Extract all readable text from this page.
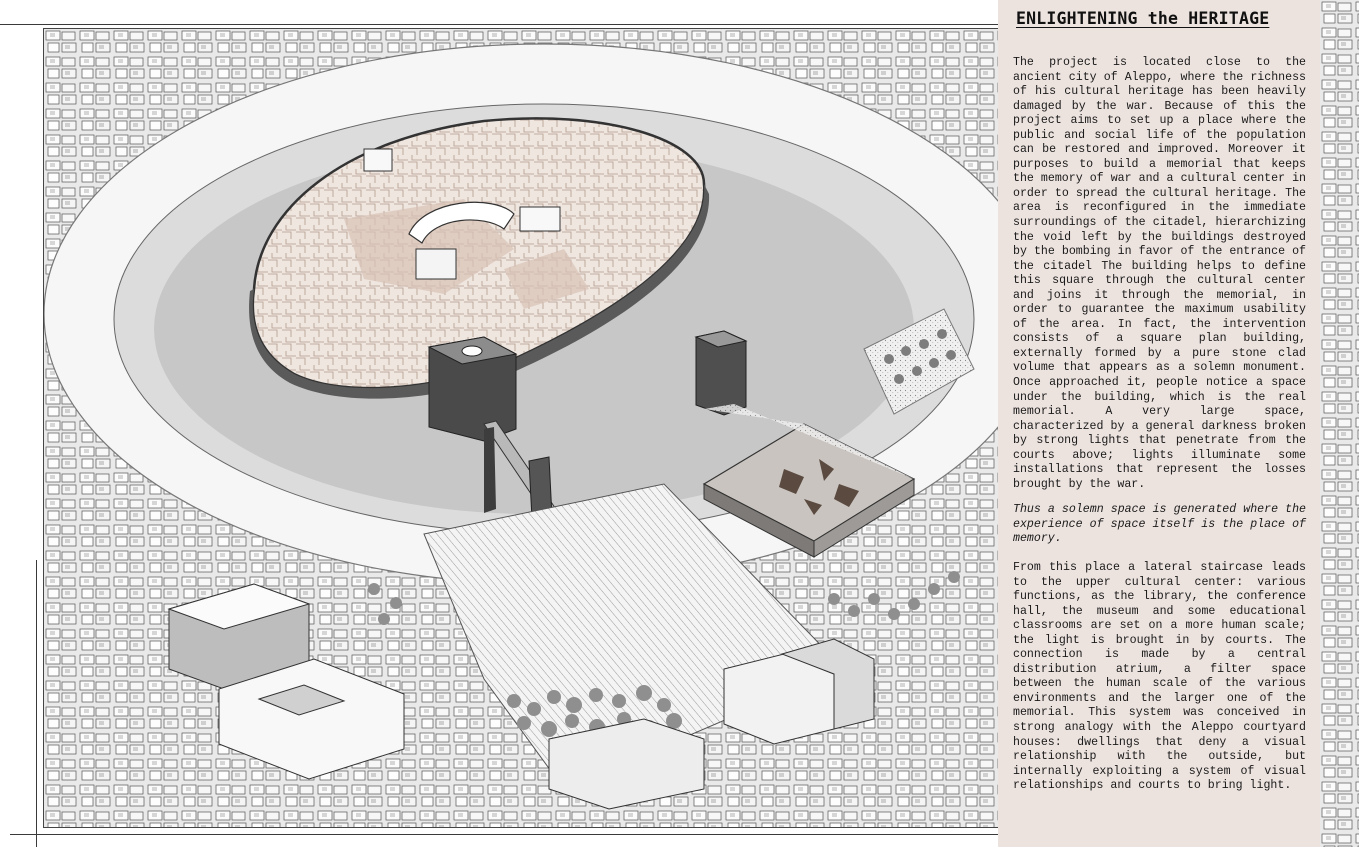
ENLIGHTENING the HERITAGE

The project is located close to the ancient city of Aleppo, where the richness of his cultural heritage has been heavily damaged by the war. Because of this the project aims to set up a place where the public and social life of the population can be restored and improved. Moreover it purposes to build a memorial that keeps the memory of war and a cultural center in order to spread the cultural heritage. The area is reconfigured in the immediate surroundings of the citadel, hierarchizing the void left by the buildings destroyed by the bombing in favor of the entrance of the citadel The building helps to define this square through the cultural center and joins it through the memorial, in order to guarantee the maximum usability of the area. In fact, the intervention consists of a square plan building, externally formed by a pure stone clad volume that appears as a solemn monument. Once approached it, people notice a space under the building, which is the real memorial. A very large space, characterized by a general darkness broken by strong lights that penetrate from the courts above; lights illuminate some installations that represent the losses brought by the war.

Thus a solemn space is generated where the experience of space itself is the place of memory.

From this place a lateral staircase leads to the upper cultural center: various functions, as the library, the conference hall, the museum and some educational classrooms are set on a more human scale; the light is brought in by courts. The connection is made by a central distribution atrium, a filter space between the human scale of the various environments and the larger one of the memorial. This system was conceived in strong analogy with the Aleppo courtyard houses: dwellings that deny a visual relationship with the outside, but internally exploiting a system of visual relationships and courts to bring light.
